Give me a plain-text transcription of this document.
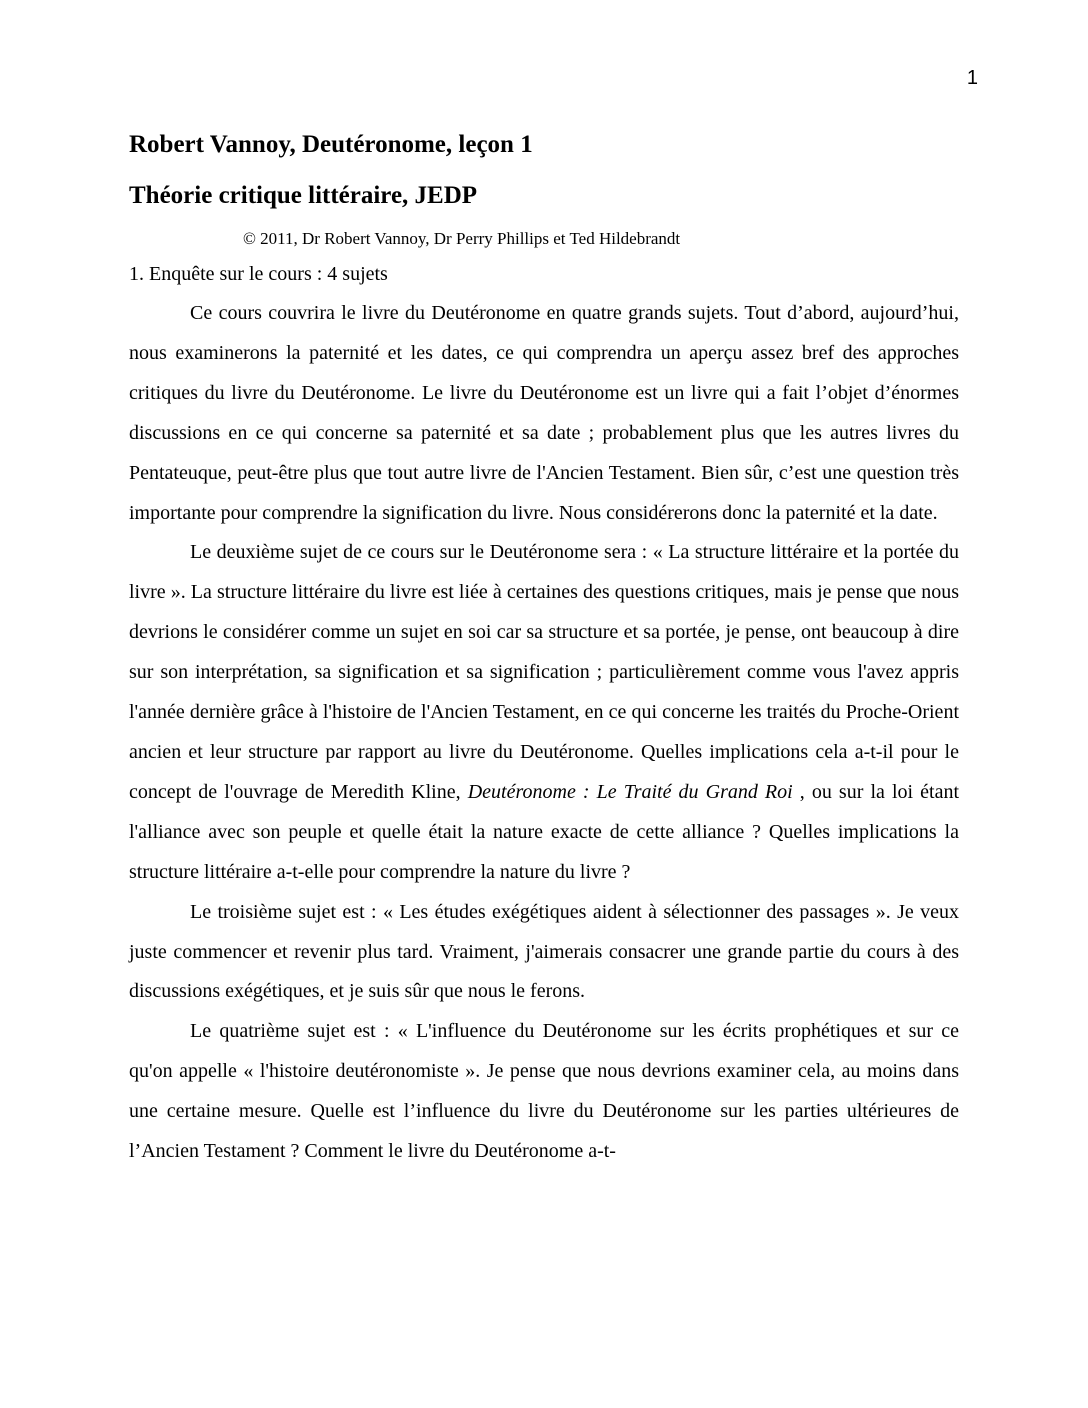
1
Robert Vannoy, Deutéronome, leçon 1
Théorie critique littéraire, JEDP
© 2011, Dr Robert Vannoy, Dr Perry Phillips et Ted Hildebrandt
1. Enquête sur le cours : 4 sujets

Ce cours couvrira le livre du Deutéronome en quatre grands sujets. Tout d’abord, aujourd’hui, nous examinerons la paternité et les dates, ce qui comprendra un aperçu assez bref des approches critiques du livre du Deutéronome. Le livre du Deutéronome est un livre qui a fait l’objet d’énormes discussions en ce qui concerne sa paternité et sa date ; probablement plus que les autres livres du Pentateuque, peut-être plus que tout autre livre de l'Ancien Testament. Bien sûr, c’est une question très importante pour comprendre la signification du livre. Nous considérerons donc la paternité et la date.

Le deuxième sujet de ce cours sur le Deutéronome sera : « La structure littéraire et la portée du livre ». La structure littéraire du livre est liée à certaines des questions critiques, mais je pense que nous devrions le considérer comme un sujet en soi car sa structure et sa portée, je pense, ont beaucoup à dire sur son interprétation, sa signification et sa signification ; particulièrement comme vous l'avez appris l'année dernière grâce à l'histoire de l'Ancien Testament, en ce qui concerne les traités du Proche-Orient ancien et leur structure par rapport au livre du Deutéronome. Quelles implications cela a-t-il pour le concept de l'ouvrage de Meredith Kline, Deutéronome : Le Traité du Grand Roi , ou sur la loi étant l'alliance avec son peuple et quelle était la nature exacte de cette alliance ? Quelles implications la structure littéraire a-t-elle pour comprendre la nature du livre ?

Le troisième sujet est : « Les études exégétiques aident à sélectionner des passages ». Je veux juste commencer et revenir plus tard. Vraiment, j'aimerais consacrer une grande partie du cours à des discussions exégétiques, et je suis sûr que nous le ferons.

Le quatrième sujet est : « L'influence du Deutéronome sur les écrits prophétiques et sur ce qu'on appelle « l'histoire deutéronomiste ». Je pense que nous devrions examiner cela, au moins dans une certaine mesure. Quelle est l’influence du livre du Deutéronome sur les parties ultérieures de l’Ancien Testament ? Comment le livre du Deutéronome a-t-
